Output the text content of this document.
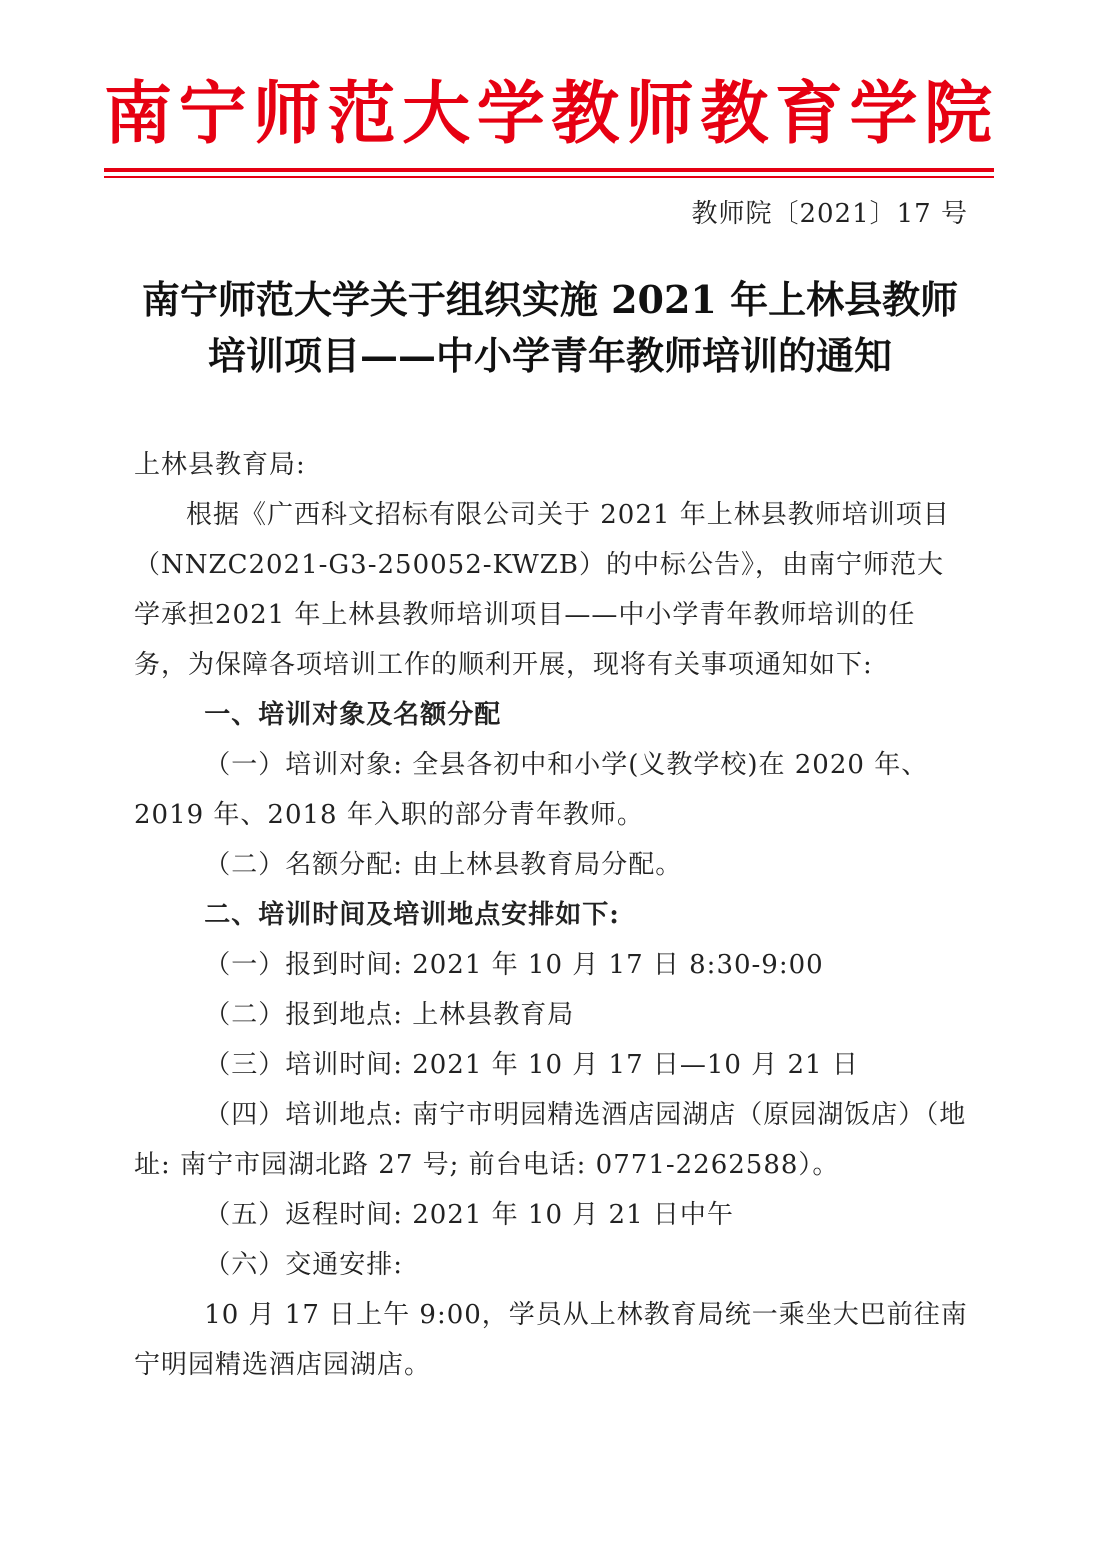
南宁师范大学教师教育学院
教师院〔2021〕17 号
南宁师范大学关于组织实施 2021 年上林县教师
培训项目——中小学青年教师培训的通知

上林县教育局:

根据《广西科文招标有限公司关于 2021 年上林县教师培训项目（NNZC2021-G3-250052-KWZB）的中标公告》，由南宁师范大学承担2021 年上林县教师培训项目——中小学青年教师培训的任务，为保障各项培训工作的顺利开展，现将有关事项通知如下:

一、培训对象及名额分配

（一）培训对象: 全县各初中和小学(义教学校)在 2020 年、2019 年、2018 年入职的部分青年教师。

（二）名额分配: 由上林县教育局分配。

二、培训时间及培训地点安排如下:

（一）报到时间: 2021 年 10 月 17 日 8:30-9:00

（二）报到地点: 上林县教育局

（三）培训时间: 2021 年 10 月 17 日—10 月 21 日

（四）培训地点: 南宁市明园精选酒店园湖店（原园湖饭店）（地址: 南宁市园湖北路 27 号; 前台电话: 0771-2262588）。

（五）返程时间: 2021 年 10 月 21 日中午

（六）交通安排:

10 月 17 日上午 9:00，学员从上林教育局统一乘坐大巴前往南宁明园精选酒店园湖店。
